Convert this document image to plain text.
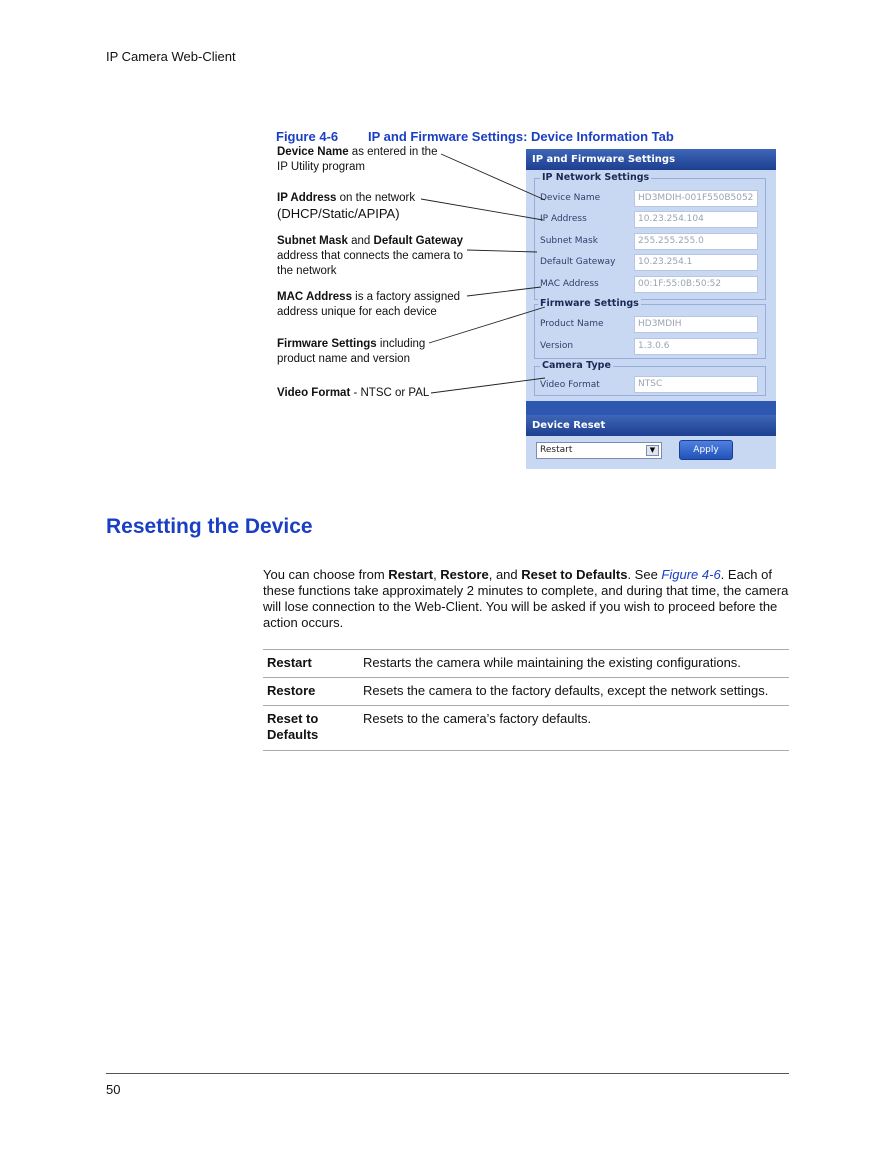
IP Camera Web-Client
Figure 4-6 IP and Firmware Settings: Device Information Tab
Device Name as entered in the
IP Utility program
IP Address on the network
(DHCP/Static/APIPA)
Subnet Mask and Default Gateway
address that connects the camera to
the network
MAC Address is a factory assigned
address unique for each device
Firmware Settings including
product name and version
Video Format - NTSC or PAL
IP and Firmware Settings
IP Network Settings
Device Name	HD3MDIH-001F550B5052
IP Address	10.23.254.104
Subnet Mask	255.255.255.0
Default Gateway	10.23.254.1
MAC Address	00:1F:55:0B:50:52
Firmware Settings
Product Name	HD3MDIH
Version	1.3.0.6
Camera Type
Video Format	NTSC
Device Reset
Restart	▼	Apply
Resetting the Device
You can choose from Restart, Restore, and Reset to Defaults. See Figure 4-6. Each of these functions take approximately 2 minutes to complete, and during that time, the camera will lose connection to the Web-Client. You will be asked if you wish to proceed before the action occurs.
Restart	Restarts the camera while maintaining the existing configurations.
Restore	Resets the camera to the factory defaults, except the network settings.
Reset to Defaults	Resets to the camera’s factory defaults.
50
